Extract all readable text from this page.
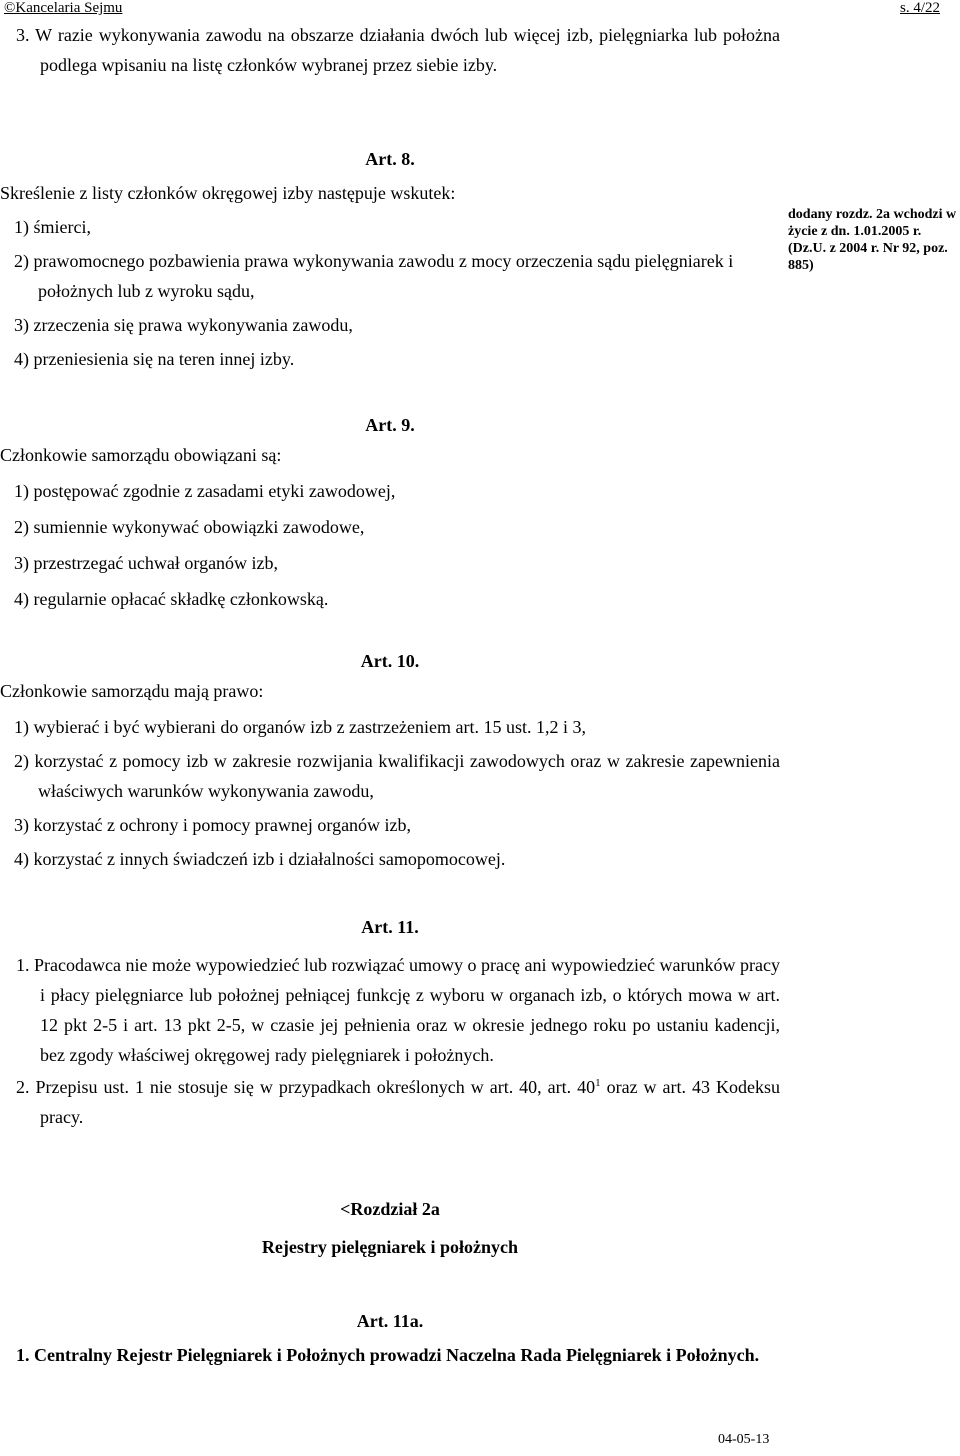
©Kancelaria Sejmu	s. 4/22

3. W razie wykonywania zawodu na obszarze działania dwóch lub więcej izb, pielęgniarka lub położna podlega wpisaniu na listę członków wybranej przez siebie izby.

Art. 8.

Skreślenie z listy członków okręgowej izby następuje wskutek:

1) śmierci,

2) prawomocnego pozbawienia prawa wykonywania zawodu z mocy orzeczenia sądu pielęgniarek i położnych lub z wyroku sądu,

3) zrzeczenia się prawa wykonywania zawodu,

4) przeniesienia się na teren innej izby.

dodany rozdz. 2a wchodzi w życie z dn. 1.01.2005 r. (Dz.U. z 2004 r. Nr 92, poz. 885)

Art. 9.

Członkowie samorządu obowiązani są:

1) postępować zgodnie z zasadami etyki zawodowej,

2) sumiennie wykonywać obowiązki zawodowe,

3) przestrzegać uchwał organów izb,

4) regularnie opłacać składkę członkowską.

Art. 10.

Członkowie samorządu mają prawo:

1) wybierać i być wybierani do organów izb z zastrzeżeniem art. 15 ust. 1,2 i 3,

2) korzystać z pomocy izb w zakresie rozwijania kwalifikacji zawodowych oraz w zakresie zapewnienia właściwych warunków wykonywania zawodu,

3) korzystać z ochrony i pomocy prawnej organów izb,

4) korzystać z innych świadczeń izb i działalności samopomocowej.

Art. 11.

1. Pracodawca nie może wypowiedzieć lub rozwiązać umowy o pracę ani wypowiedzieć warunków pracy i płacy pielęgniarce lub położnej pełniącej funkcję z wyboru w organach izb, o których mowa w art. 12 pkt 2-5 i art. 13 pkt 2-5, w czasie jej pełnienia oraz w okresie jednego roku po ustaniu kadencji, bez zgody właściwej okręgowej rady pielęgniarek i położnych.

2. Przepisu ust. 1 nie stosuje się w przypadkach określonych w art. 40, art. $40^1$ oraz w art. 43 Kodeksu pracy.

<Rozdział 2a

Rejestry pielęgniarek i położnych

Art. 11a.

1. Centralny Rejestr Pielęgniarek i Położnych prowadzi Naczelna Rada Pielęgniarek i Położnych.

04-05-13
